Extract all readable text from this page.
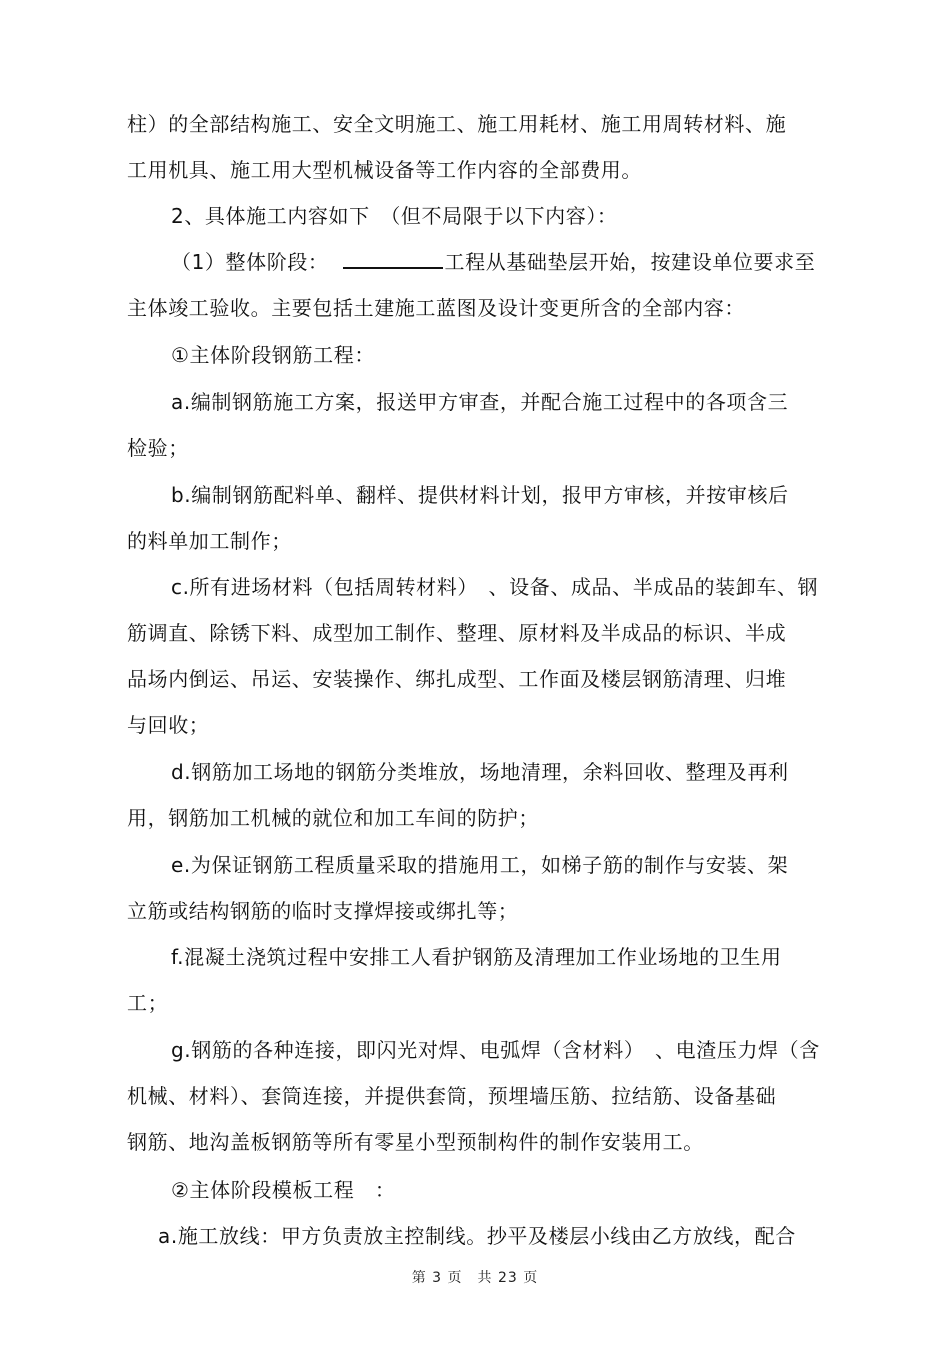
柱）的全部结构施工、安全文明施工、施工用耗材、施工用周转材料、施
工用机具、施工用大型机械设备等工作内容的全部费用。
2、具体施工内容如下　（但不局限于以下内容）：
（1）整体阶段：	工程从基础垫层开始，按建设单位要求至
主体竣工验收。主要包括土建施工蓝图及设计变更所含的全部内容：
①主体阶段钢筋工程：
a.编制钢筋施工方案，报送甲方审查，并配合施工过程中的各项含三
检验；
b.编制钢筋配料单、翻样、提供材料计划，报甲方审核，并按审核后
的料单加工制作；
c.所有进场材料（包括周转材料）　、设备、成品、半成品的装卸车、钢
筋调直、除锈下料、成型加工制作、整理、原材料及半成品的标识、半成
品场内倒运、吊运、安装操作、绑扎成型、工作面及楼层钢筋清理、归堆
与回收；
d.钢筋加工场地的钢筋分类堆放，场地清理，余料回收、整理及再利
用，钢筋加工机械的就位和加工车间的防护；
e.为保证钢筋工程质量采取的措施用工，如梯子筋的制作与安装、架
立筋或结构钢筋的临时支撑焊接或绑扎等；
f.混凝土浇筑过程中安排工人看护钢筋及清理加工作业场地的卫生用
工；
g.钢筋的各种连接，即闪光对焊、电弧焊（含材料）　、电渣压力焊（含
机械、材料）、套筒连接，并提供套筒，预埋墙压筋、拉结筋、设备基础
钢筋、地沟盖板钢筋等所有零星小型预制构件的制作安装用工。
②主体阶段模板工程　：
a.施工放线：甲方负责放主控制线。抄平及楼层小线由乙方放线，配合
第 3 页　共 23 页
